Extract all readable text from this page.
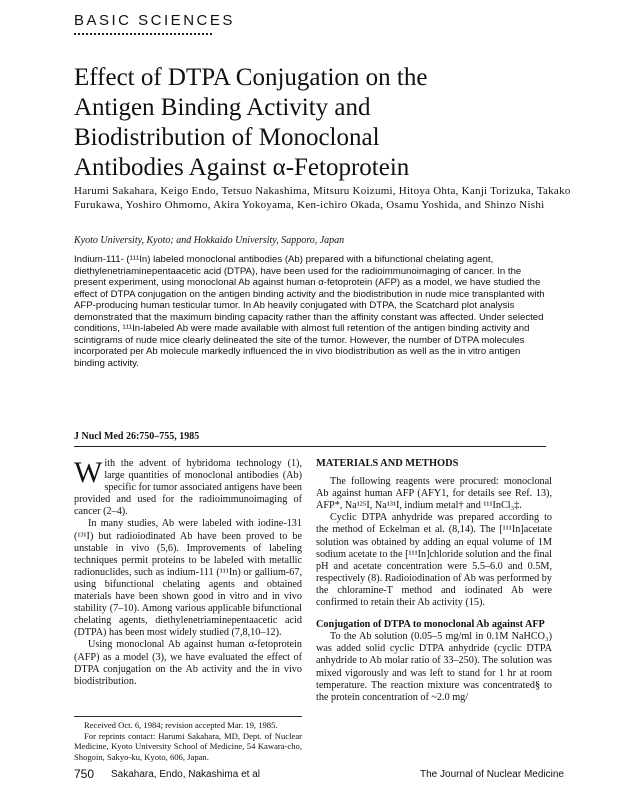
BASIC SCIENCES
Effect of DTPA Conjugation on the
Antigen Binding Activity and
Biodistribution of Monoclonal
Antibodies Against α-Fetoprotein
Harumi Sakahara, Keigo Endo, Tetsuo Nakashima, Mitsuru Koizumi, Hitoya Ohta, Kanji Torizuka, Takako Furukawa, Yoshiro Ohmomo, Akira Yokoyama, Ken-ichiro Okada, Osamu Yoshida, and Shinzo Nishi
Kyoto University, Kyoto; and Hokkaido University, Sapporo, Japan

Indium-111- (¹¹¹In) labeled monoclonal antibodies (Ab) prepared with a bifunctional chelating agent, diethylenetriaminepentaacetic acid (DTPA), have been used for the radioimmunoimaging of cancer. In the present experiment, using monoclonal Ab against human α-fetoprotein (AFP) as a model, we have studied the effect of DTPA conjugation on the antigen binding activity and the biodistribution in nude mice transplanted with AFP-producing human testicular tumor. In Ab heavily conjugated with DTPA, the Scatchard plot analysis demonstrated that the maximum binding capacity rather than the affinity constant was affected. Under selected conditions, ¹¹¹In-labeled Ab were made available with almost full retention of the antigen binding activity and scintigrams of nude mice clearly delineated the site of the tumor. However, the number of DTPA molecules incorporated per Ab molecule markedly influenced the in vivo biodistribution as well as the in vitro antigen binding activity.

J Nucl Med 26:750–755, 1985

With the advent of hybridoma technology (1), large quantities of monoclonal antibodies (Ab) specific for tumor associated antigens have been provided and used for the radioimmunoimaging of cancer (2–4).

In many studies, Ab were labeled with iodine-131 (¹³¹I) but radioiodinated Ab have been proved to be unstable in vivo (5,6). Improvements of labeling techniques permit proteins to be labeled with metallic radionuclides, such as indium-111 (¹¹¹In) or gallium-67, using bifunctional chelating agents and obtained materials have been shown good in vitro and in vivo stability (7–10). Among various applicable bifunctional chelating agents, diethylenetriaminepentaacetic acid (DTPA) has been most widely studied (7,8,10–12).

Using monoclonal Ab against human α-fetoprotein (AFP) as a model (3), we have evaluated the effect of DTPA conjugation on the Ab activity and the in vivo biodistribution.

Received Oct. 6, 1984; revision accepted Mar. 19, 1985.

For reprints contact: Harumi Sakahara, MD, Dept. of Nuclear Medicine, Kyoto University School of Medicine, 54 Kawara-cho, Shogoin, Sakyo-ku, Kyoto, 606, Japan.

MATERIALS AND METHODS

The following reagents were procured: monoclonal Ab against human AFP (AFY1, for details see Ref. 13), AFP*, Na¹²⁵I, Na¹³¹I, indium metal† and ¹¹¹InCl₃‡.

Cyclic DTPA anhydride was prepared according to the method of Eckelman et al. (8,14). The [¹¹¹In]acetate solution was obtained by adding an equal volume of 1M sodium acetate to the [¹¹¹In]chloride solution and the final pH and acetate concentration were 5.5–6.0 and 0.5M, respectively (8). Radioiodination of Ab was performed by the chloramine-T method and iodinated Ab were confirmed to retain their Ab activity (15).

Conjugation of DTPA to monoclonal Ab against AFP

To the Ab solution (0.05–5 mg/ml in 0.1M NaHCO₃) was added solid cyclic DTPA anhydride (cyclic DTPA anhydride to Ab molar ratio of 33–250). The solution was mixed vigorously and was left to stand for 1 hr at room temperature. The reaction mixture was concentrated§ to the protein concentration of ~2.0 mg/

750 Sakahara, Endo, Nakashima et al	The Journal of Nuclear Medicine
